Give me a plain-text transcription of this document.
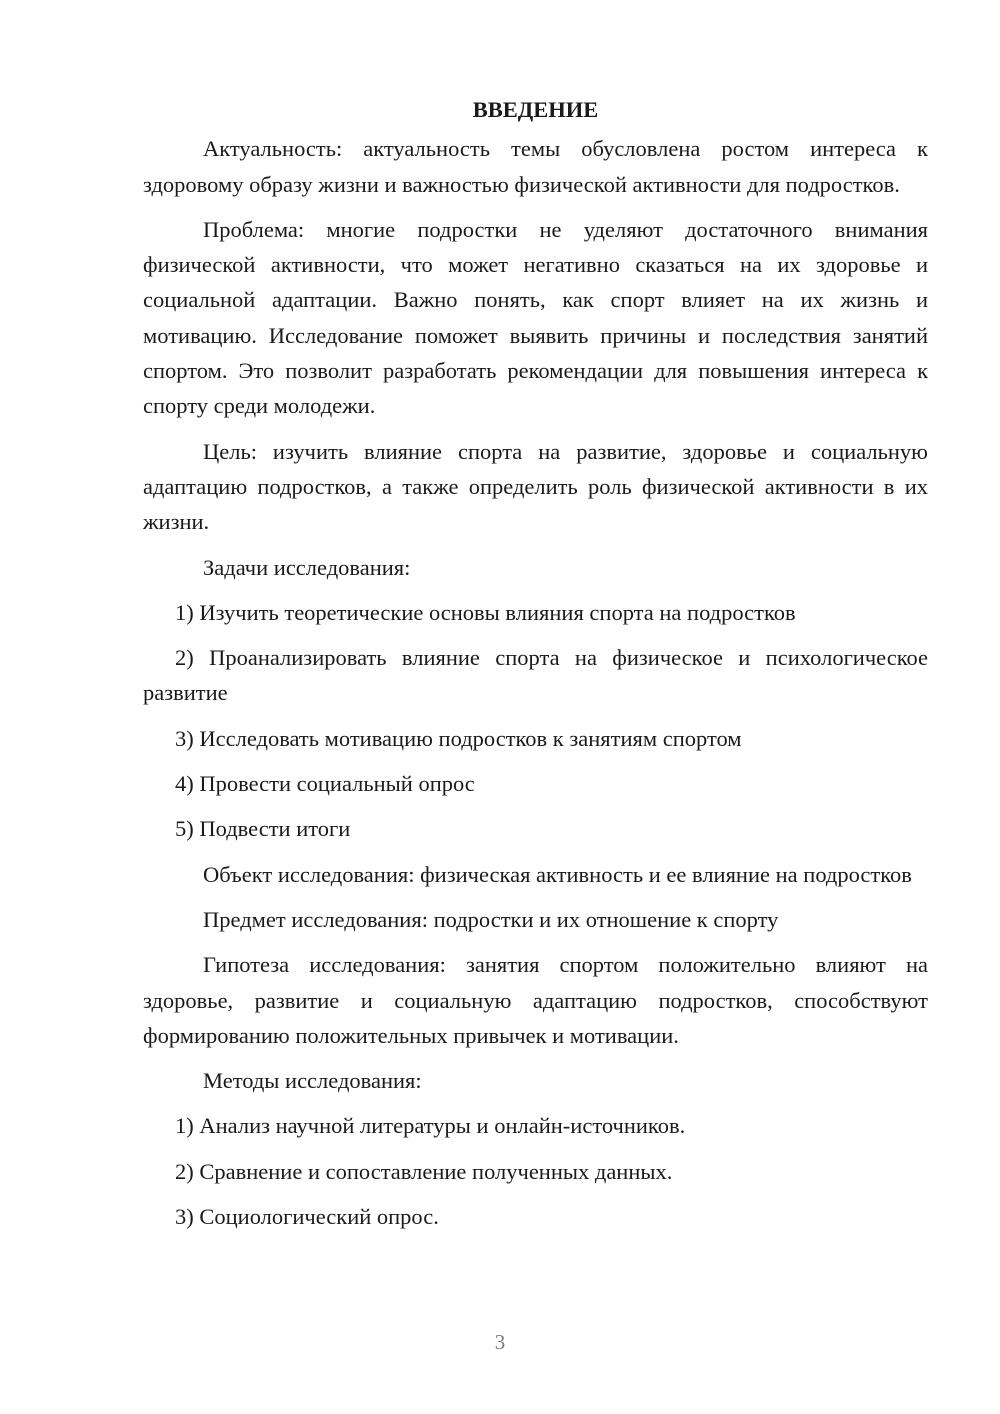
ВВЕДЕНИЕ

Актуальность: актуальность темы обусловлена ростом интереса к здоровому образу жизни и важностью физической активности для подростков.

Проблема: многие подростки не уделяют достаточного внимания физической активности, что может негативно сказаться на их здоровье и социальной адаптации. Важно понять, как спорт влияет на их жизнь и мотивацию. Исследование поможет выявить причины и последствия занятий спортом. Это позволит разработать рекомендации для повышения интереса к спорту среди молодежи.

Цель: изучить влияние спорта на развитие, здоровье и социальную адаптацию подростков, а также определить роль физической активности в их жизни.

Задачи исследования:

1) Изучить теоретические основы влияния спорта на подростков

2) Проанализировать влияние спорта на физическое и психологическое развитие

3) Исследовать мотивацию подростков к занятиям спортом

4) Провести социальный опрос

5) Подвести итоги

Объект исследования: физическая активность и ее влияние на подростков

Предмет исследования: подростки и их отношение к спорту

Гипотеза исследования: занятия спортом положительно влияют на здоровье, развитие и социальную адаптацию подростков, способствуют формированию положительных привычек и мотивации.

Методы исследования:

1) Анализ научной литературы и онлайн-источников.

2) Сравнение и сопоставление полученных данных.

3) Социологический опрос.

3
